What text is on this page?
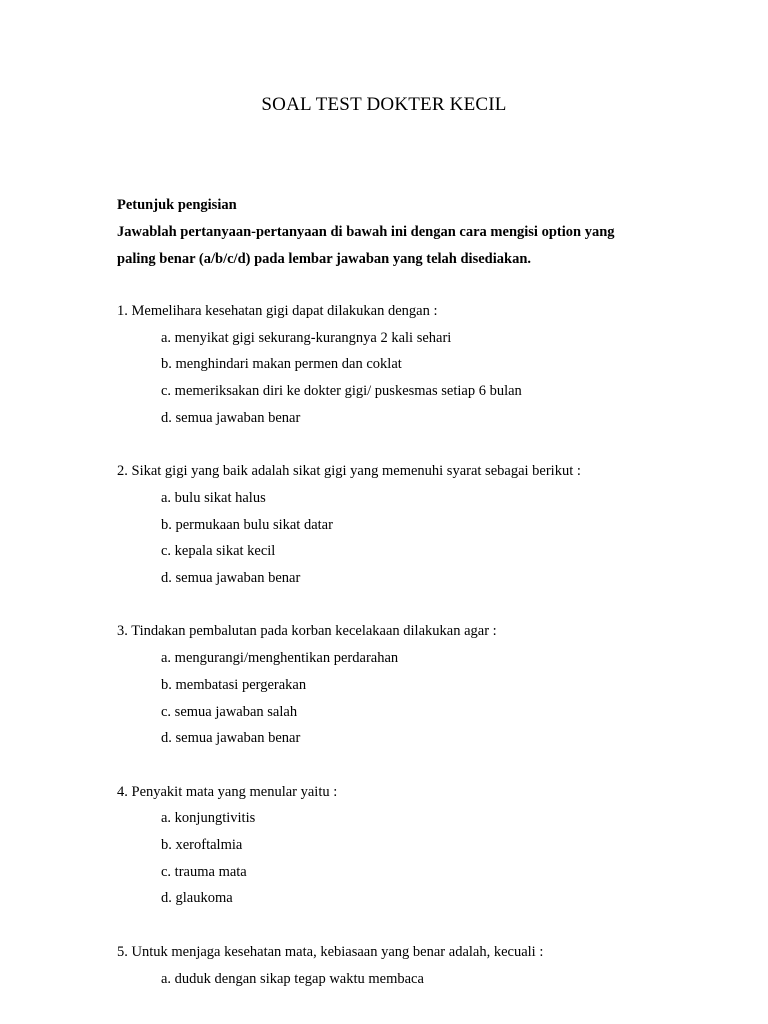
SOAL TEST DOKTER KECIL
Petunjuk pengisian
Jawablah pertanyaan-pertanyaan di bawah ini dengan cara mengisi option yang
paling benar (a/b/c/d) pada lembar jawaban yang telah disediakan.
1. Memelihara kesehatan gigi dapat dilakukan dengan :
a. menyikat gigi sekurang-kurangnya 2 kali sehari
b. menghindari makan permen dan coklat
c. memeriksakan diri ke dokter gigi/ puskesmas setiap 6 bulan
d. semua jawaban benar
2. Sikat gigi yang baik adalah sikat gigi yang memenuhi syarat sebagai berikut :
a. bulu sikat halus
b. permukaan bulu sikat datar
c. kepala sikat kecil
d. semua jawaban benar
3. Tindakan pembalutan pada korban kecelakaan dilakukan agar :
a. mengurangi/menghentikan perdarahan
b. membatasi pergerakan
c. semua jawaban salah
d. semua jawaban benar
4. Penyakit mata yang menular yaitu :
a. konjungtivitis
b. xeroftalmia
c. trauma mata
d. glaukoma
5. Untuk menjaga kesehatan mata, kebiasaan yang benar adalah, kecuali :
a. duduk dengan sikap tegap waktu membaca
